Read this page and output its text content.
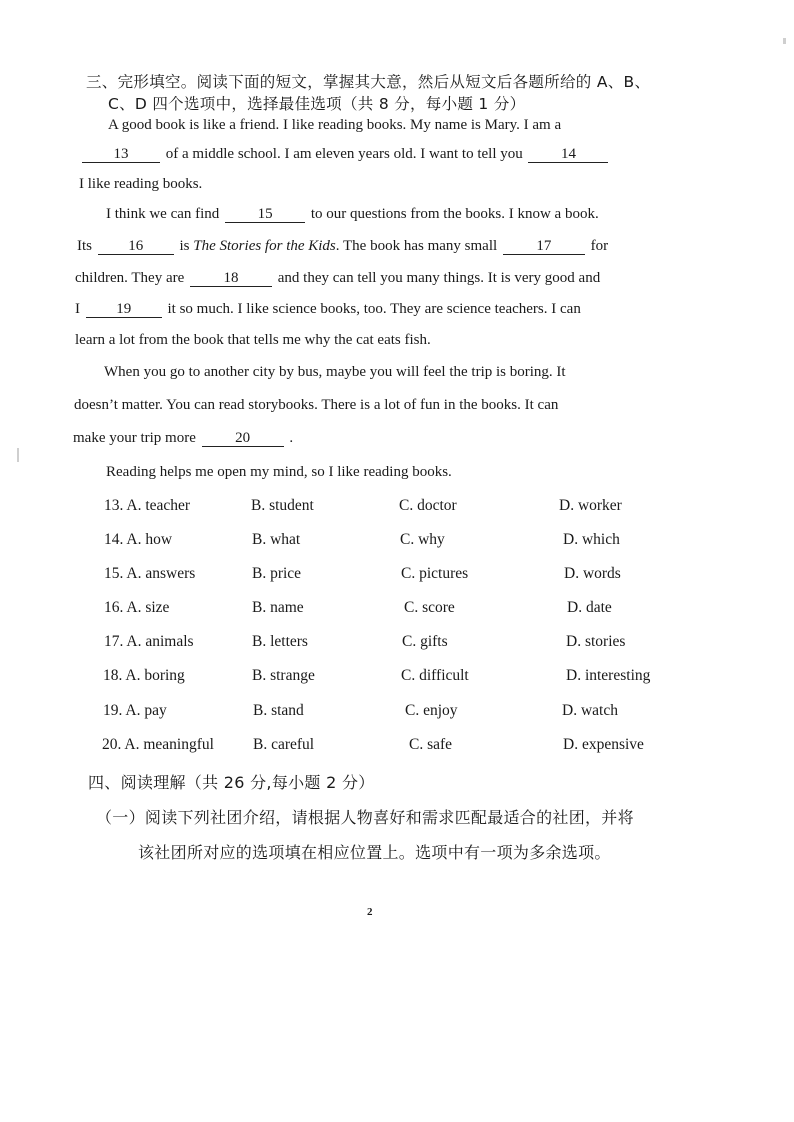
三、完形填空。阅读下面的短文，掌握其大意，然后从短文后各题所给的 A、B、
C、D 四个选项中，选择最佳选项（共 8 分，每小题 1 分）
A good book is like a friend. I like reading books. My name is Mary. I am a
13 of a middle school. I am eleven years old. I want to tell you	14
I like reading books.
I think we can find	15	to our questions from the books. I know a book.
Its 16 is The Stories for the Kids. The book has many small	17	for
children. They are	18	and they can tell you many things. It is very good and
I 19 it so much. I like science books, too. They are science teachers. I can
learn a lot from the book that tells me why the cat eats fish.
When you go to another city by bus, maybe you will feel the trip is boring. It
doesn’t matter. You can read storybooks. There is a lot of fun in the books. It can
make your trip more	20	.
Reading helps me open my mind, so I like reading books.
13. A. teacher	B. student	C. doctor	D. worker
14. A. how	B. what	C. why	D. which
15. A. answers	B. price	C. pictures	D. words
16. A. size	B. name	C. score	D. date
17. A. animals	B. letters	C. gifts	D. stories
18. A. boring	B. strange	C. difficult	D. interesting
19. A. pay	B. stand	C. enjoy	D. watch
20. A. meaningful	B. careful	C. safe	D. expensive
四、阅读理解（共 26 分,每小题 2 分）
（一）阅读下列社团介绍，请根据人物喜好和需求匹配最适合的社团，并将
该社团所对应的选项填在相应位置上。选项中有一项为多余选项。
2
